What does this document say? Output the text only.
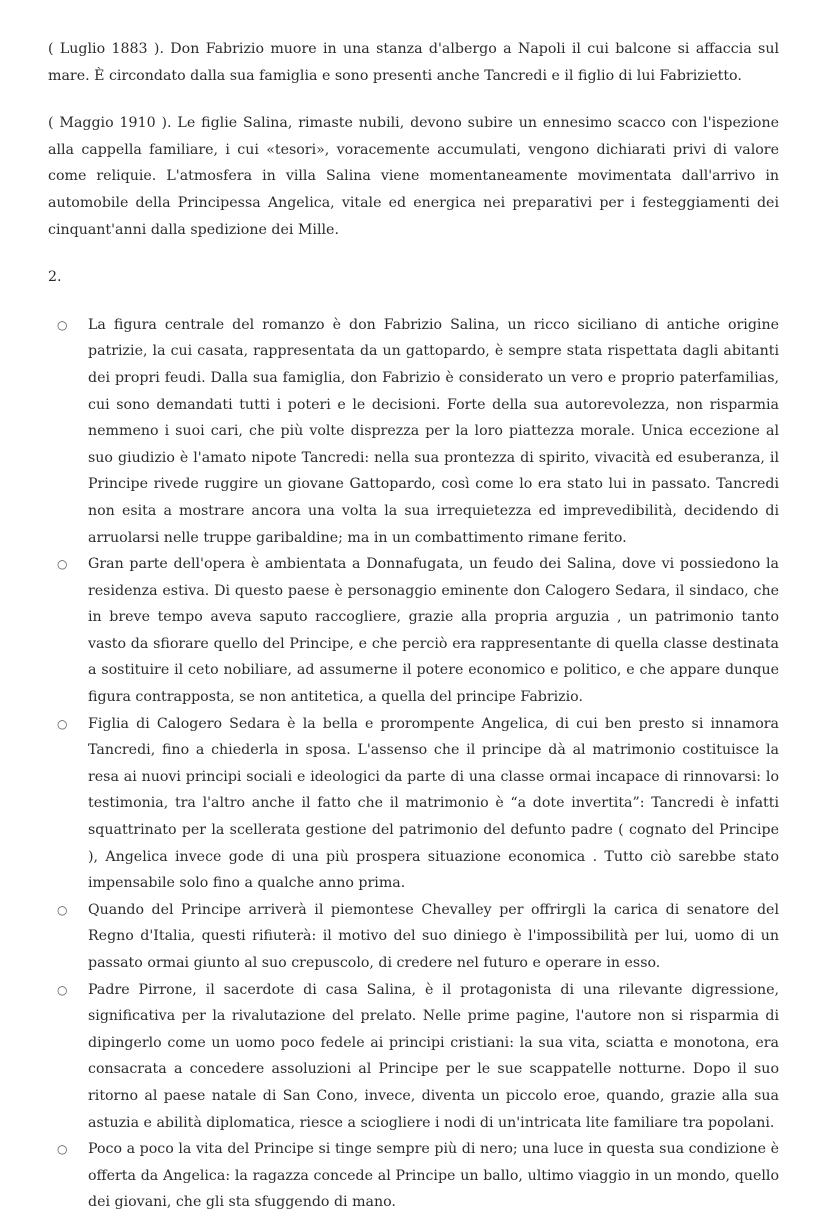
( Luglio 1883 ). Don Fabrizio muore in una stanza d'albergo a Napoli il cui balcone si affaccia sul mare. È circondato dalla sua famiglia e sono presenti anche Tancredi e il figlio di lui Fabrizietto.

( Maggio 1910 ). Le figlie Salina, rimaste nubili, devono subire un ennesimo scacco con l'ispezione alla cappella familiare, i cui «tesori», voracemente accumulati, vengono dichiarati privi di valore come reliquie. L'atmosfera in villa Salina viene momentaneamente movimentata dall'arrivo in automobile della Principessa Angelica, vitale ed energica nei preparativi per i festeggiamenti dei cinquant'anni dalla spedizione dei Mille.

2.

○
La figura centrale del romanzo è don Fabrizio Salina, un ricco siciliano di antiche origine patrizie, la cui casata, rappresentata da un gattopardo, è sempre stata rispettata dagli abitanti dei propri feudi. Dalla sua famiglia, don Fabrizio è considerato un vero e proprio paterfamilias, cui sono demandati tutti i poteri e le decisioni. Forte della sua autorevolezza, non risparmia nemmeno i suoi cari, che più volte disprezza per la loro piattezza morale. Unica eccezione al suo giudizio è l'amato nipote Tancredi: nella sua prontezza di spirito, vivacità ed esuberanza, il Principe rivede ruggire un giovane Gattopardo, così come lo era stato lui in passato. Tancredi non esita a mostrare ancora una volta la sua irrequietezza ed imprevedibilità, decidendo di arruolarsi nelle truppe garibaldine; ma in un combattimento rimane ferito.
○
Gran parte dell'opera è ambientata a Donnafugata, un feudo dei Salina, dove vi possiedono la residenza estiva. Di questo paese è personaggio eminente don Calogero Sedara, il sindaco, che in breve tempo aveva saputo raccogliere, grazie alla propria arguzia , un patrimonio tanto vasto da sfiorare quello del Principe, e che perciò era rappresentante di quella classe destinata a sostituire il ceto nobiliare, ad assumerne il potere economico e politico, e che appare dunque figura contrapposta, se non antitetica, a quella del principe Fabrizio.
○
Figlia di Calogero Sedara è la bella e prorompente Angelica, di cui ben presto si innamora Tancredi, fino a chiederla in sposa. L'assenso che il principe dà al matrimonio costituisce la resa ai nuovi principi sociali e ideologici da parte di una classe ormai incapace di rinnovarsi: lo testimonia, tra l'altro anche il fatto che il matrimonio è “a dote invertita”: Tancredi è infatti squattrinato per la scellerata gestione del patrimonio del defunto padre ( cognato del Principe ), Angelica invece gode di una più prospera situazione economica . Tutto ciò sarebbe stato impensabile solo fino a qualche anno prima.
○
Quando del Principe arriverà il piemontese Chevalley per offrirgli la carica di senatore del Regno d'Italia, questi rifiuterà: il motivo del suo diniego è l'impossibilità per lui, uomo di un passato ormai giunto al suo crepuscolo, di credere nel futuro e operare in esso.
○
Padre Pirrone, il sacerdote di casa Salina, è il protagonista di una rilevante digressione, significativa per la rivalutazione del prelato. Nelle prime pagine, l'autore non si risparmia di dipingerlo come un uomo poco fedele ai principi cristiani: la sua vita, sciatta e monotona, era consacrata a concedere assoluzioni al Principe per le sue scappatelle notturne. Dopo il suo ritorno al paese natale di San Cono, invece, diventa un piccolo eroe, quando, grazie alla sua astuzia e abilità diplomatica, riesce a sciogliere i nodi di un'intricata lite familiare tra popolani.
○
Poco a poco la vita del Principe si tinge sempre più di nero; una luce in questa sua condizione è offerta da Angelica: la ragazza concede al Principe un ballo, ultimo viaggio in un mondo, quello dei giovani, che gli sta sfuggendo di mano.
